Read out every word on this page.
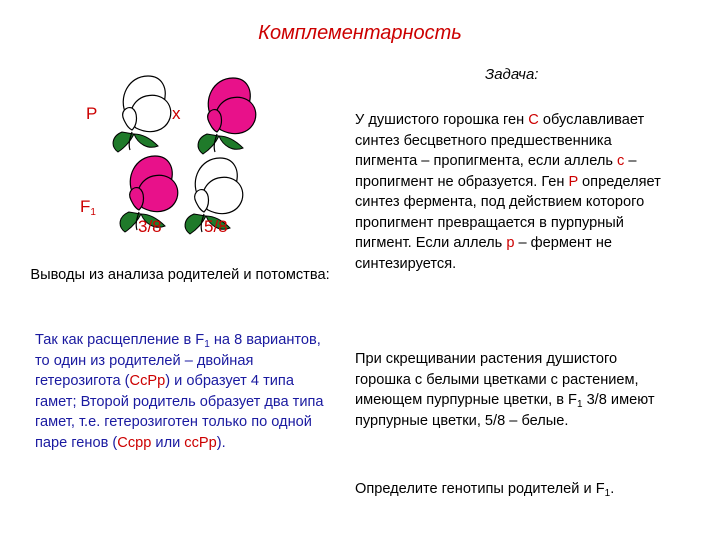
Комплементарность
Задача:
P	x
$F_1$
3/8 5/8
Выводы из анализа родителей и потомства:
Так как расщепление в $F_1$ на 8 вариантов, то один из родителей – двойная гетерозигота (CcPp) и образует 4 типа гамет; Второй родитель образует два типа гамет, т.е. гетерозиготен только по одной паре генов (Ccpp или ccPp).
У душистого горошка ген C обуславливает синтез бесцветного предшественника пигмента – пропигмента, если аллель c – пропигмент не образуется. Ген P определяет синтез фермента, под действием которого пропигмент превращается в пурпурный пигмент. Если аллель p – фермент не синтезируется.
При скрещивании растения душистого горошка с белыми цветками с растением, имеющем пурпурные цветки, в $F_1$ 3/8 имеют пурпурные цветки, 5/8 – белые.
Определите генотипы родителей и $F_1$.
